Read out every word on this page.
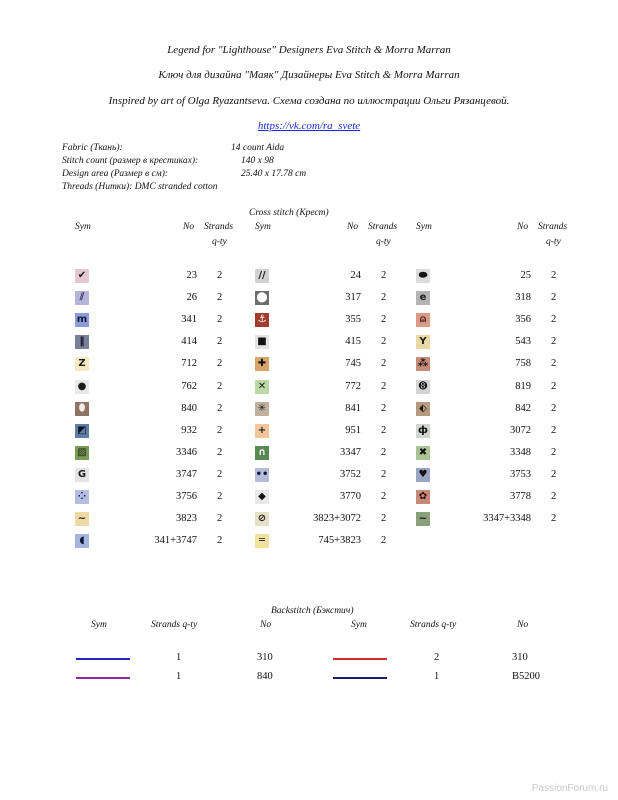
Legend for "Lighthouse" Designers Eva Stitch & Morra Marran
Ключ для дизайна "Маяк" Дизайнеры Eva Stitch & Morra Marran
Inspired by art of Olga Ryazantseva. Схема создана по иллюстрации Ольги Рязанцевой.
https://vk.com/ra_svete
Fabric (Ткань):	14 count Aida
Stitch count (размер в крестиках):	140 x 98
Design area (Размер в см):	25.40 x 17.78 cm
Threads (Нитки): DMC stranded cotton
Cross stitch (Крест)
Sym	No Strands
q-ty
Sym	No Strands
q-ty
Sym	No Strands
q-ty
✔	23 2
⫽	26 2
m	341 2
‖	414 2
Z	712 2
●	762 2
⬮	840 2
◩	932 2
▨	3346 2
G	3747 2
⁘	3756 2
~	3823 2
◖	341+3747 2
//	24 2
⬤	317 2
⚓	355 2
■	415 2
✚	745 2
✕	772 2
✳	841 2
+	951 2
∩	3347 2
••	3752 2
◆	3770 2
⊘	3823+3072 2
═	745+3823 2
⬬	25 2
e	318 2
⍝	356 2
Y	543 2
⁂	758 2
➑	819 2
⬖	842 2
ф	3072 2
✖	3348 2
♥	3753 2
✿	3778 2
~	3347+3348 2
Backstitch (Бэкстич)
Sym	Strands q-ty	No	Sym	Strands q-ty	No
1	310	2	310
1	840	1	B5200
PassionForum.ru
